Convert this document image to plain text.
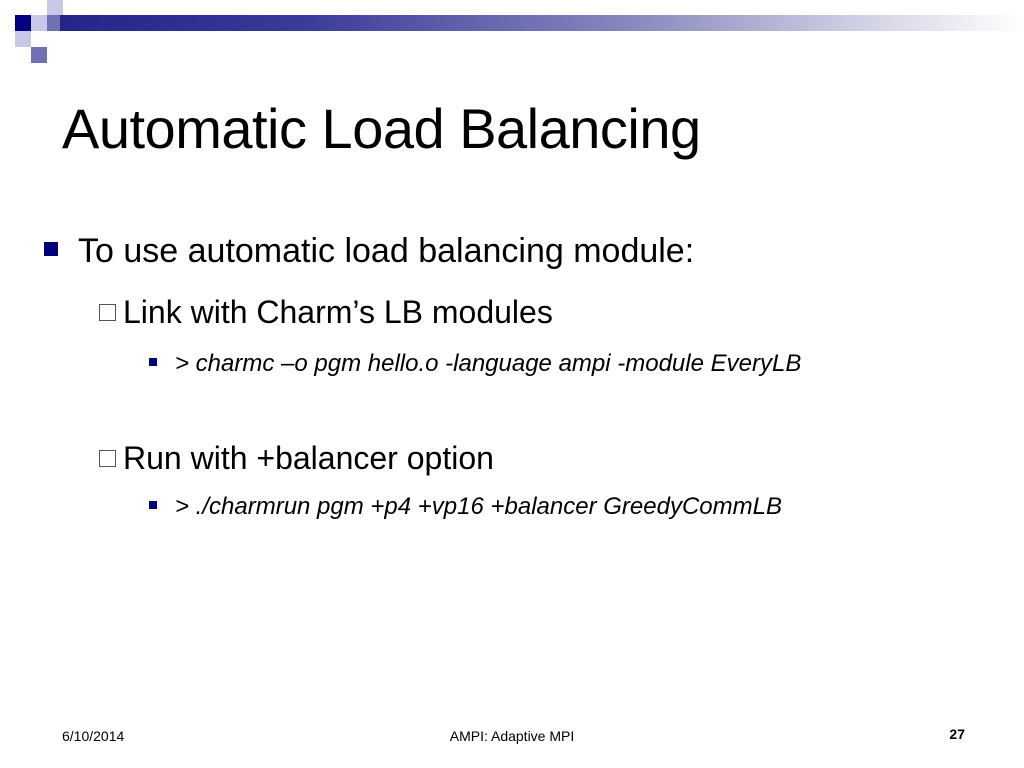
Automatic Load Balancing
To use automatic load balancing module:
Link with Charm’s LB modules
> charmc –o pgm hello.o -language ampi -module EveryLB
Run with +balancer option
> ./charmrun pgm +p4 +vp16 +balancer GreedyCommLB
6/10/2014	AMPI: Adaptive MPI	27
